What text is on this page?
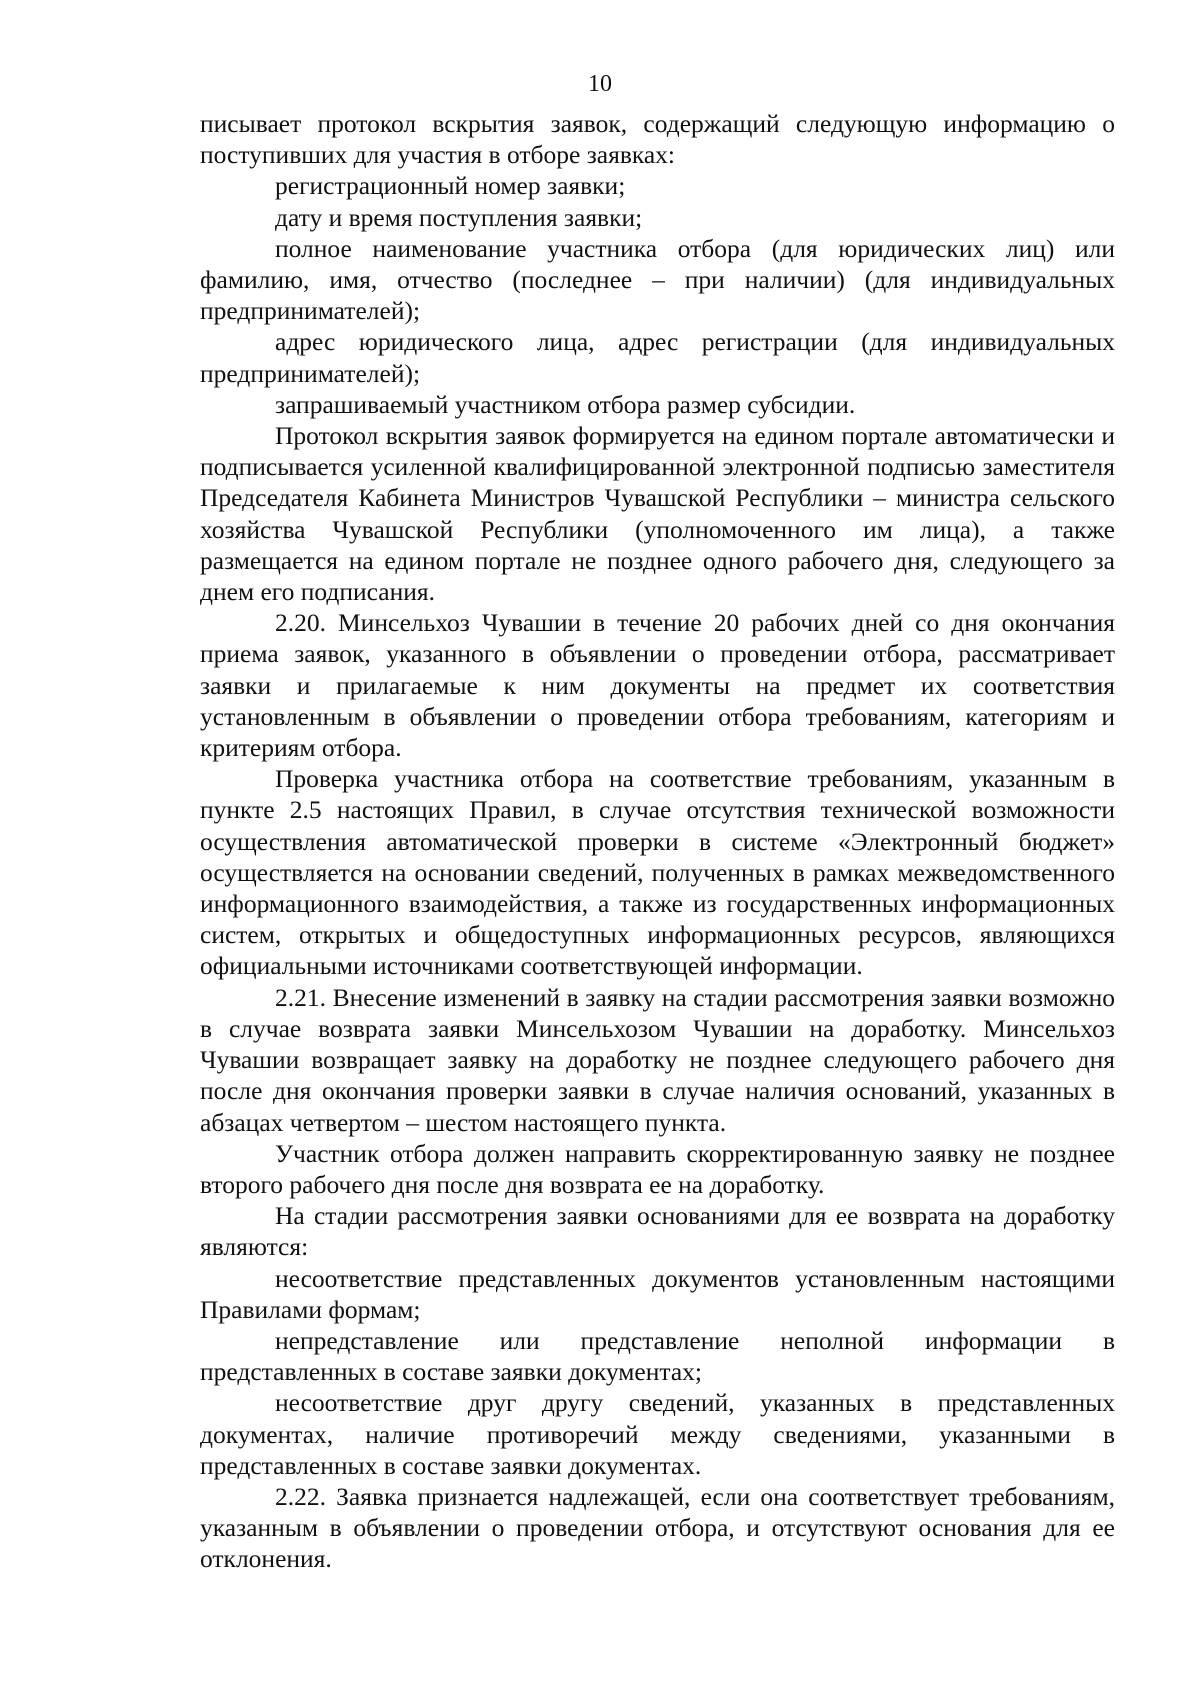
10

писывает протокол вскрытия заявок, содержащий следующую информацию о поступивших для участия в отборе заявках:

регистрационный номер заявки;

дату и время поступления заявки;

полное наименование участника отбора (для юридических лиц) или фамилию, имя, отчество (последнее – при наличии) (для индивидуальных предпринимателей);

адрес юридического лица, адрес регистрации (для индивидуальных предпринимателей);

запрашиваемый участником отбора размер субсидии.

Протокол вскрытия заявок формируется на едином портале автоматически и подписывается усиленной квалифицированной электронной подписью заместителя Председателя Кабинета Министров Чувашской Республики – министра сельского хозяйства Чувашской Республики (уполномоченного им лица), а также размещается на едином портале не позднее одного рабочего дня, следующего за днем его подписания.

2.20. Минсельхоз Чувашии в течение 20 рабочих дней со дня окончания приема заявок, указанного в объявлении о проведении отбора, рассматривает заявки и прилагаемые к ним документы на предмет их соответствия установленным в объявлении о проведении отбора требованиям, категориям и критериям отбора.

Проверка участника отбора на соответствие требованиям, указанным в пункте 2.5 настоящих Правил, в случае отсутствия технической возможности осуществления автоматической проверки в системе «Электронный бюджет» осуществляется на основании сведений, полученных в рамках межведомственного информационного взаимодействия, а также из государственных информационных систем, открытых и общедоступных информационных ресурсов, являющихся официальными источниками соответствующей информации.

2.21. Внесение изменений в заявку на стадии рассмотрения заявки возможно в случае возврата заявки Минсельхозом Чувашии на доработку. Минсельхоз Чувашии возвращает заявку на доработку не позднее следующего рабочего дня после дня окончания проверки заявки в случае наличия оснований, указанных в абзацах четвертом – шестом настоящего пункта.

Участник отбора должен направить скорректированную заявку не позднее второго рабочего дня после дня возврата ее на доработку.

На стадии рассмотрения заявки основаниями для ее возврата на доработку являются:

несоответствие представленных документов установленным настоящими Правилами формам;

непредставление или представление неполной информации в представленных в составе заявки документах;

несоответствие друг другу сведений, указанных в представленных документах, наличие противоречий между сведениями, указанными в представленных в составе заявки документах.

2.22. Заявка признается надлежащей, если она соответствует требованиям, указанным в объявлении о проведении отбора, и отсутствуют основания для ее отклонения.
